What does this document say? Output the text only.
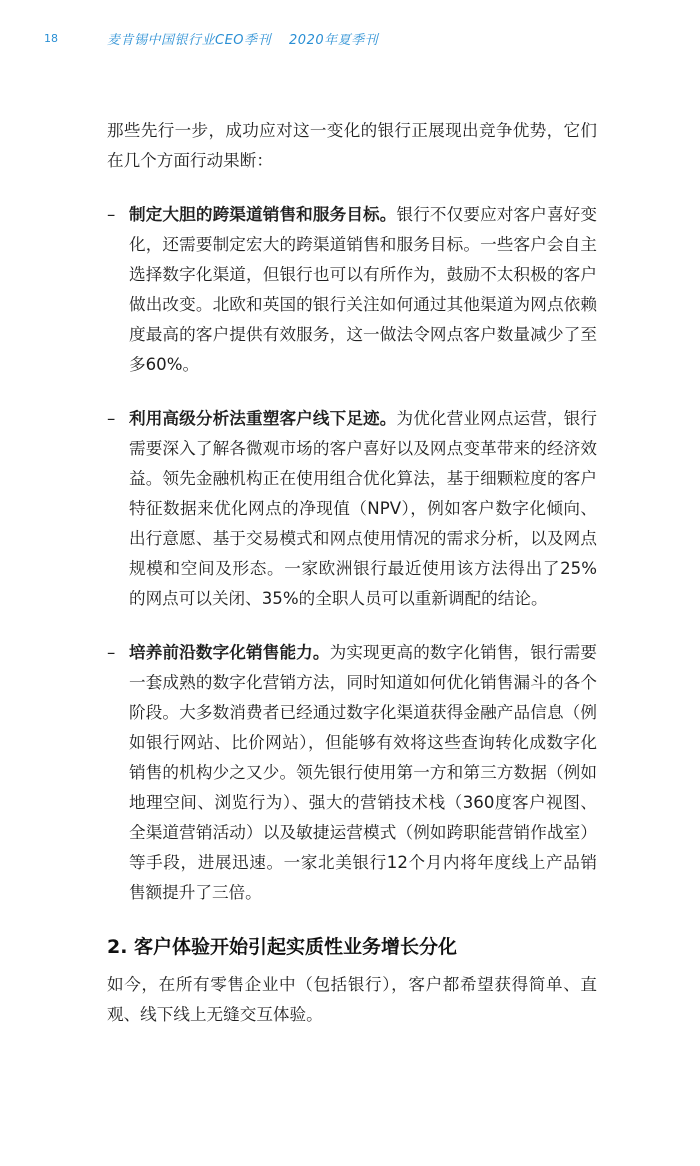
18	麦肯锡中国银行业CEO季刊 2020年夏季刊

那些先行一步，成功应对这一变化的银行正展现出竞争优势，它们在几个方面行动果断：

– 制定大胆的跨渠道销售和服务目标。银行不仅要应对客户喜好变化，还需要制定宏大的跨渠道销售和服务目标。一些客户会自主选择数字化渠道，但银行也可以有所作为，鼓励不太积极的客户做出改变。北欧和英国的银行关注如何通过其他渠道为网点依赖度最高的客户提供有效服务，这一做法令网点客户数量减少了至多60%。

– 利用高级分析法重塑客户线下足迹。为优化营业网点运营，银行需要深入了解各微观市场的客户喜好以及网点变革带来的经济效益。领先金融机构正在使用组合优化算法，基于细颗粒度的客户特征数据来优化网点的净现值（NPV），例如客户数字化倾向、出行意愿、基于交易模式和网点使用情况的需求分析，以及网点规模和空间及形态。一家欧洲银行最近使用该方法得出了25%的网点可以关闭、35%的全职人员可以重新调配的结论。

– 培养前沿数字化销售能力。为实现更高的数字化销售，银行需要一套成熟的数字化营销方法，同时知道如何优化销售漏斗的各个阶段。大多数消费者已经通过数字化渠道获得金融产品信息（例如银行网站、比价网站），但能够有效将这些查询转化成数字化销售的机构少之又少。领先银行使用第一方和第三方数据（例如地理空间、浏览行为）、强大的营销技术栈（360度客户视图、全渠道营销活动）以及敏捷运营模式（例如跨职能营销作战室）等手段，进展迅速。一家北美银行12个月内将年度线上产品销售额提升了三倍。

2. 客户体验开始引起实质性业务增长分化

如今，在所有零售企业中（包括银行），客户都希望获得简单、直观、线下线上无缝交互体验。
